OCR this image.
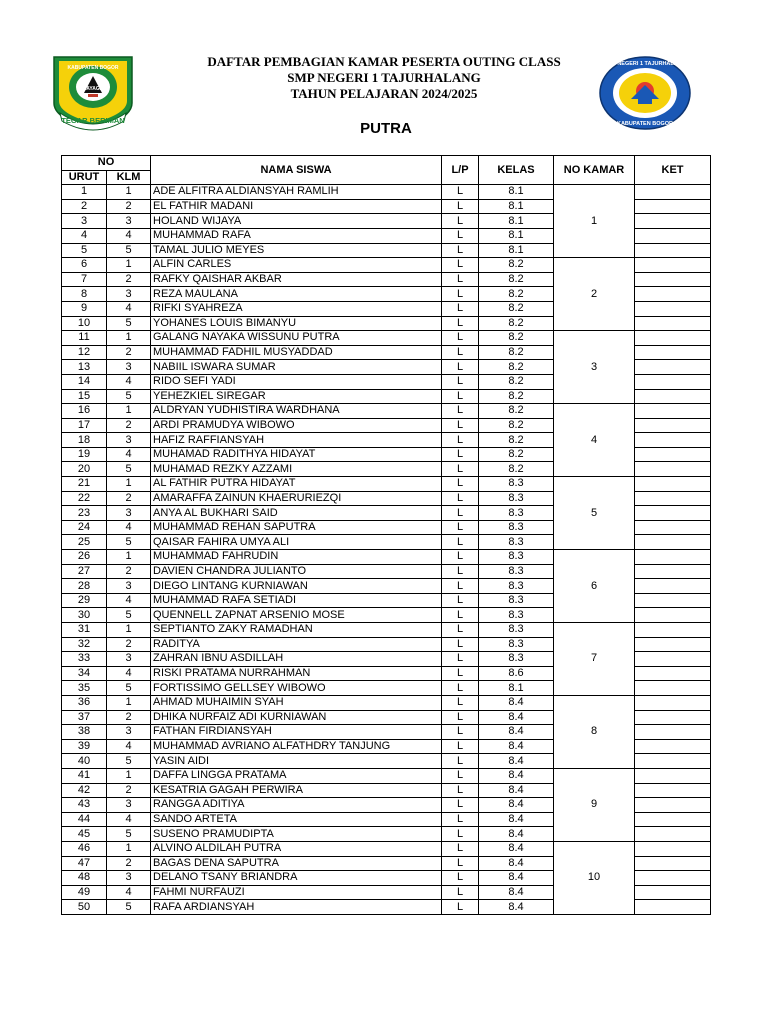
RAYAGA
KABUPATEN BOGOR
TEGAR BERIMAN
SMP NEGERI 1 TAJURHALANG
KABUPATEN BOGOR
DAFTAR PEMBAGIAN KAMAR PESERTA OUTING CLASS
SMP NEGERI 1 TAJURHALANG
TAHUN PELAJARAN 2024/2025
PUTRA
NO		NAMA SISWA	L/P	KELAS	NO KAMAR	KET
URUT	KLM					
1	1	ADE ALFITRA ALDIANSYAH RAMLIH	L	8.1	1	
2	2	EL FATHIR MADANI	L	8.1		
3	3	HOLAND WIJAYA	L	8.1		
4	4	MUHAMMAD RAFA	L	8.1		
5	5	TAMAL JULIO MEYES	L	8.1		
6	1	ALFIN CARLES	L	8.2	2	
7	2	RAFKY QAISHAR AKBAR	L	8.2		
8	3	REZA MAULANA	L	8.2		
9	4	RIFKI SYAHREZA	L	8.2		
10	5	YOHANES LOUIS BIMANYU	L	8.2		
11	1	GALANG NAYAKA WISSUNU PUTRA	L	8.2	3	
12	2	MUHAMMAD FADHIL MUSYADDAD	L	8.2		
13	3	NABIIL ISWARA SUMAR	L	8.2		
14	4	RIDO SEFI YADI	L	8.2		
15	5	YEHEZKIEL SIREGAR	L	8.2		
16	1	ALDRYAN YUDHISTIRA WARDHANA	L	8.2	4	
17	2	ARDI PRAMUDYA WIBOWO	L	8.2		
18	3	HAFIZ RAFFIANSYAH	L	8.2		
19	4	MUHAMAD RADITHYA HIDAYAT	L	8.2		
20	5	MUHAMAD REZKY AZZAMI	L	8.2		
21	1	AL FATHIR PUTRA HIDAYAT	L	8.3	5	
22	2	AMARAFFA ZAINUN KHAERURIEZQI	L	8.3		
23	3	ANYA AL BUKHARI SAID	L	8.3		
24	4	MUHAMMAD REHAN SAPUTRA	L	8.3		
25	5	QAISAR FAHIRA UMYA ALI	L	8.3		
26	1	MUHAMMAD FAHRUDIN	L	8.3	6	
27	2	DAVIEN CHANDRA JULIANTO	L	8.3		
28	3	DIEGO LINTANG KURNIAWAN	L	8.3		
29	4	MUHAMMAD RAFA SETIADI	L	8.3		
30	5	QUENNELL ZAPNAT ARSENIO MOSE	L	8.3		
31	1	SEPTIANTO ZAKY RAMADHAN	L	8.3	7	
32	2	RADITYA	L	8.3		
33	3	ZAHRAN IBNU ASDILLAH	L	8.3		
34	4	RISKI PRATAMA NURRAHMAN	L	8.6		
35	5	FORTISSIMO GELLSEY WIBOWO	L	8.1		
36	1	AHMAD MUHAIMIN SYAH	L	8.4	8	
37	2	DHIKA NURFAIZ ADI KURNIAWAN	L	8.4		
38	3	FATHAN FIRDIANSYAH	L	8.4		
39	4	MUHAMMAD AVRIANO ALFATHDRY TANJUNG	L	8.4		
40	5	YASIN AIDI	L	8.4		
41	1	DAFFA LINGGA PRATAMA	L	8.4	9	
42	2	KESATRIA GAGAH PERWIRA	L	8.4		
43	3	RANGGA ADITIYA	L	8.4		
44	4	SANDO ARTETA	L	8.4		
45	5	SUSENO PRAMUDIPTA	L	8.4		
46	1	ALVINO ALDILAH PUTRA	L	8.4	10	
47	2	BAGAS DENA SAPUTRA	L	8.4		
48	3	DELANO TSANY BRIANDRA	L	8.4		
49	4	FAHMI NURFAUZI	L	8.4		
50	5	RAFA ARDIANSYAH	L	8.4		
